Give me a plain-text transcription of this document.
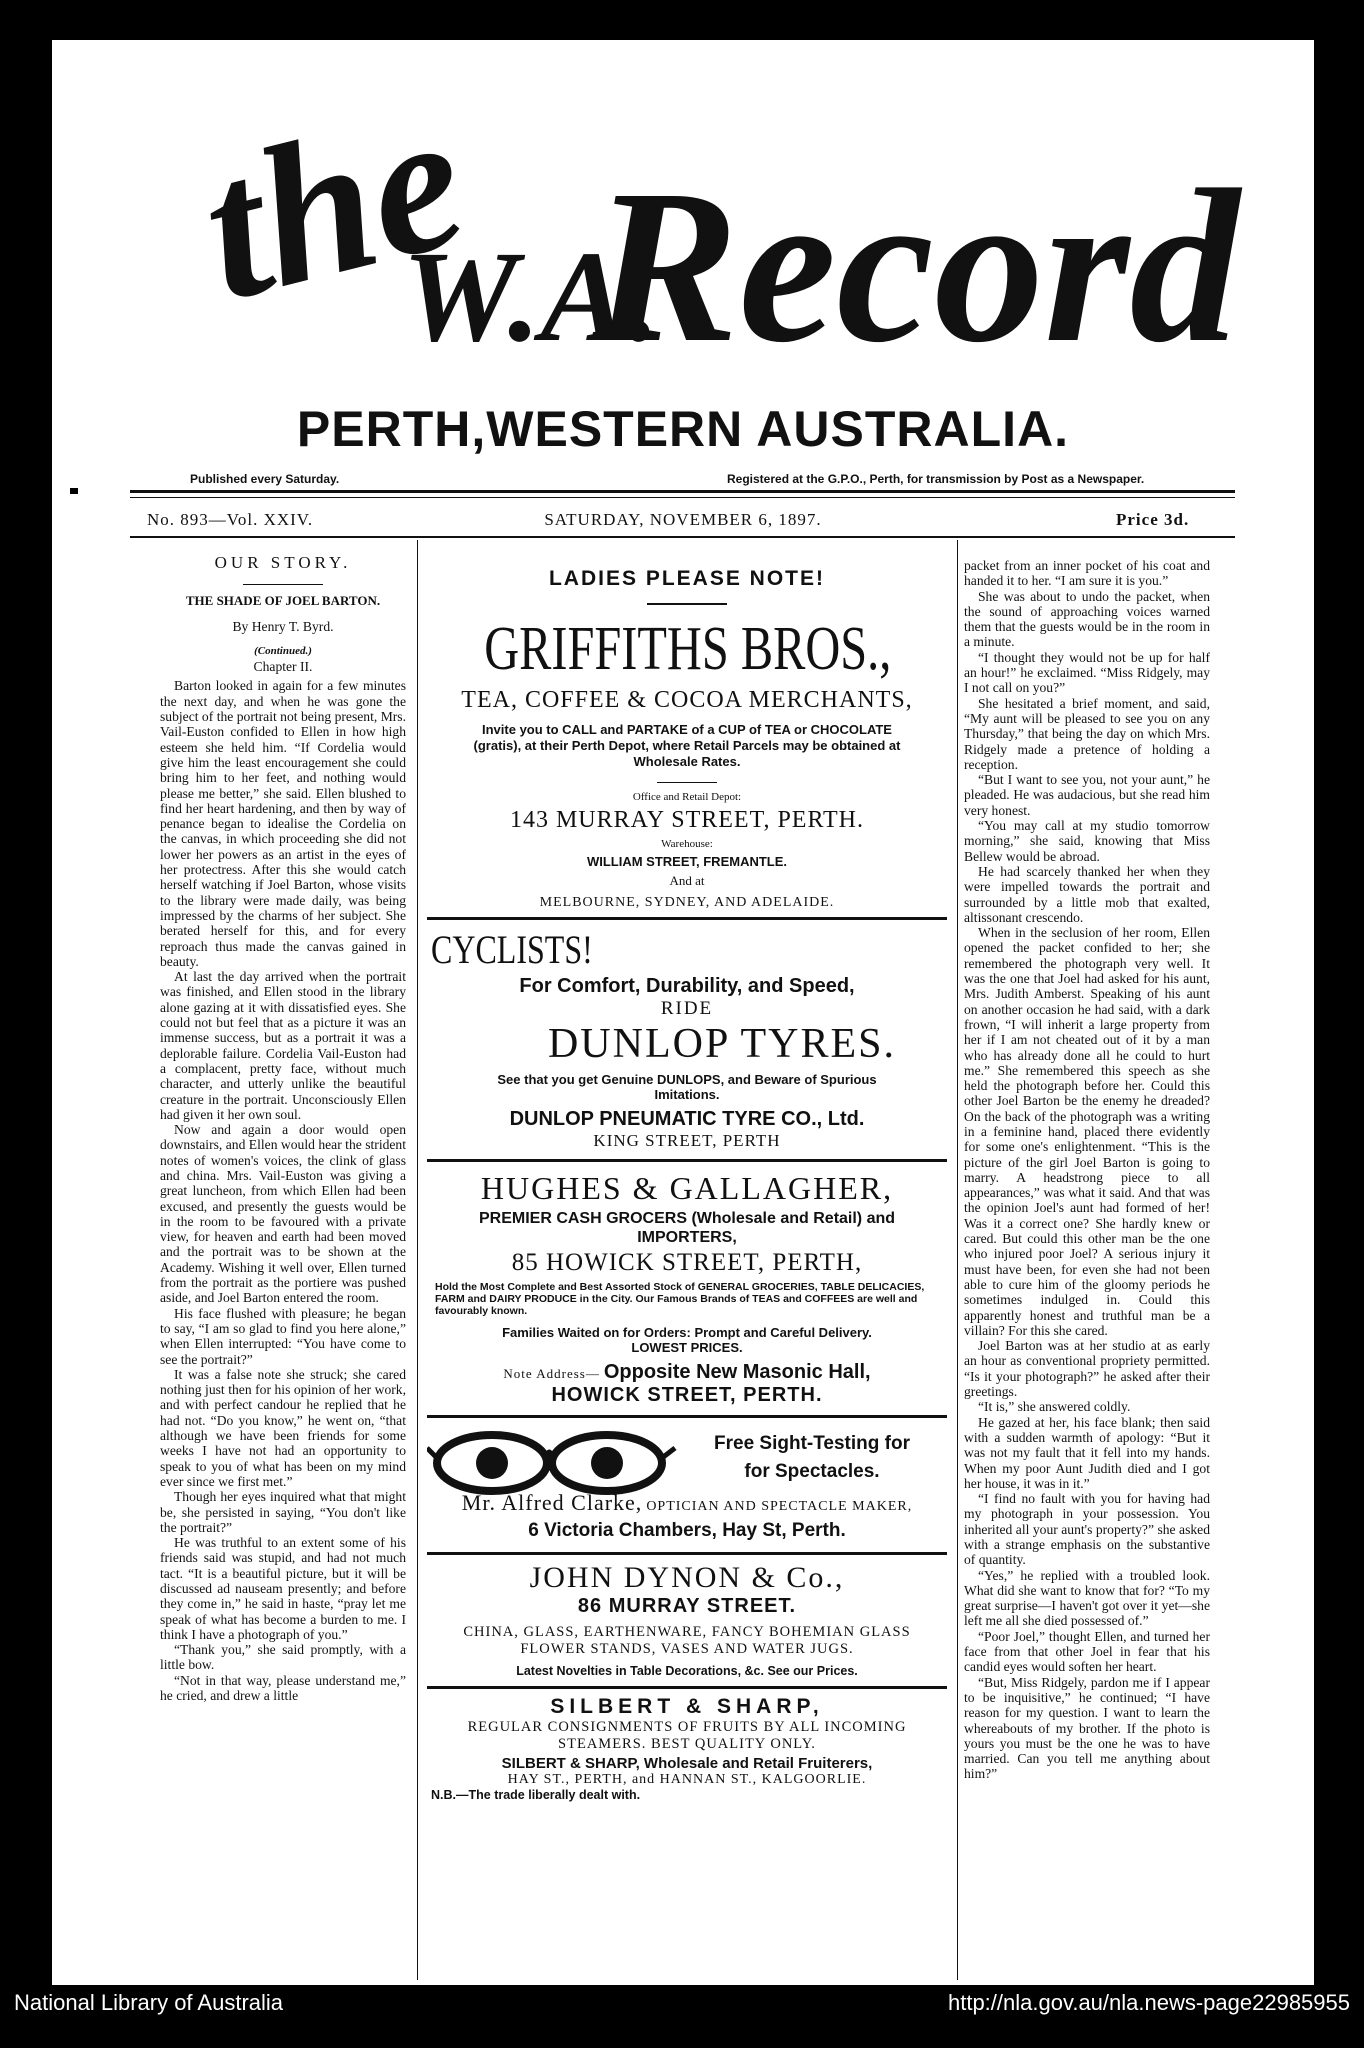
the
W.A.
Record
PERTH,WESTERN AUSTRALIA.
Published every Saturday.	Registered at the G.P.O., Perth, for transmission by Post as a Newspaper.
No. 893—Vol. XXIV.	SATURDAY, NOVEMBER 6, 1897.	Price 3d.
OUR STORY.
THE SHADE OF JOEL BARTON.
By Henry T. Byrd.
(Continued.)
Chapter II.

Barton looked in again for a few minutes the next day, and when he was gone the subject of the portrait not being present, Mrs. Vail-Euston confided to Ellen in how high esteem she held him. “If Cordelia would give him the least encouragement she could bring him to her feet, and nothing would please me better,” she said. Ellen blushed to find her heart hardening, and then by way of penance began to idealise the Cordelia on the canvas, in which proceeding she did not lower her powers as an artist in the eyes of her protectress. After this she would catch herself watching if Joel Barton, whose visits to the library were made daily, was being impressed by the charms of her subject. She berated herself for this, and for every reproach thus made the canvas gained in beauty.

At last the day arrived when the portrait was finished, and Ellen stood in the library alone gazing at it with dissatisfied eyes. She could not but feel that as a picture it was an immense success, but as a portrait it was a deplorable failure. Cordelia Vail-Euston had a complacent, pretty face, without much character, and utterly unlike the beautiful creature in the portrait. Unconsciously Ellen had given it her own soul.

Now and again a door would open downstairs, and Ellen would hear the strident notes of women's voices, the clink of glass and china. Mrs. Vail-Euston was giving a great luncheon, from which Ellen had been excused, and presently the guests would be in the room to be favoured with a private view, for heaven and earth had been moved and the portrait was to be shown at the Academy. Wishing it well over, Ellen turned from the portrait as the portiere was pushed aside, and Joel Barton entered the room.

His face flushed with pleasure; he began to say, “I am so glad to find you here alone,” when Ellen interrupted: “You have come to see the portrait?”

It was a false note she struck; she cared nothing just then for his opinion of her work, and with perfect candour he replied that he had not. “Do you know,” he went on, “that although we have been friends for some weeks I have not had an opportunity to speak to you of what has been on my mind ever since we first met.”

Though her eyes inquired what that might be, she persisted in saying, “You don't like the portrait?”

He was truthful to an extent some of his friends said was stupid, and had not much tact. “It is a beautiful picture, but it will be discussed ad nauseam presently; and before they come in,” he said in haste, “pray let me speak of what has become a burden to me. I think I have a photograph of you.”

“Thank you,” she said promptly, with a little bow.

“Not in that way, please understand me,” he cried, and drew a little

packet from an inner pocket of his coat and handed it to her. “I am sure it is you.”

She was about to undo the packet, when the sound of approaching voices warned them that the guests would be in the room in a minute.

“I thought they would not be up for half an hour!” he exclaimed. “Miss Ridgely, may I not call on you?”

She hesitated a brief moment, and said, “My aunt will be pleased to see you on any Thursday,” that being the day on which Mrs. Ridgely made a pretence of holding a reception.

“But I want to see you, not your aunt,” he pleaded. He was audacious, but she read him very honest.

“You may call at my studio tomorrow morning,” she said, knowing that Miss Bellew would be abroad.

He had scarcely thanked her when they were impelled towards the portrait and surrounded by a little mob that exalted, altissonant crescendo.

When in the seclusion of her room, Ellen opened the packet confided to her; she remembered the photograph very well. It was the one that Joel had asked for his aunt, Mrs. Judith Amberst. Speaking of his aunt on another occasion he had said, with a dark frown, “I will inherit a large property from her if I am not cheated out of it by a man who has already done all he could to hurt me.” She remembered this speech as she held the photograph before her. Could this other Joel Barton be the enemy he dreaded? On the back of the photograph was a writing in a feminine hand, placed there evidently for some one's enlightenment. “This is the picture of the girl Joel Barton is going to marry. A headstrong piece to all appearances,” was what it said. And that was the opinion Joel's aunt had formed of her! Was it a correct one? She hardly knew or cared. But could this other man be the one who injured poor Joel? A serious injury it must have been, for even she had not been able to cure him of the gloomy periods he sometimes indulged in. Could this apparently honest and truthful man be a villain? For this she cared.

Joel Barton was at her studio at as early an hour as conventional propriety permitted. “Is it your photograph?” he asked after their greetings.

“It is,” she answered coldly.

He gazed at her, his face blank; then said with a sudden warmth of apology: “But it was not my fault that it fell into my hands. When my poor Aunt Judith died and I got her house, it was in it.”

“I find no fault with you for having had my photograph in your possession. You inherited all your aunt's property?” she asked with a strange emphasis on the substantive of quantity.

“Yes,” he replied with a troubled look. What did she want to know that for? “To my great surprise—I haven't got over it yet—she left me all she died possessed of.”

“Poor Joel,” thought Ellen, and turned her face from that other Joel in fear that his candid eyes would soften her heart.

“But, Miss Ridgely, pardon me if I appear to be inquisitive,” he continued; “I have reason for my question. I want to learn the whereabouts of my brother. If the photo is yours you must be the one he was to have married. Can you tell me anything about him?”

LADIES PLEASE NOTE!
GRIFFITHS BROS.,
TEA, COFFEE & COCOA MERCHANTS,
Invite you to CALL and PARTAKE of a CUP of TEA or CHOCOLATE (gratis), at their Perth Depot, where Retail Parcels may be obtained at Wholesale Rates.
Office and Retail Depot:
143 MURRAY STREET, PERTH.
Warehouse:
WILLIAM STREET, FREMANTLE.
And at
MELBOURNE, SYDNEY, AND ADELAIDE.
CYCLISTS!
For Comfort, Durability, and Speed,
RIDE
DUNLOP TYRES.
See that you get Genuine DUNLOPS, and Beware of Spurious Imitations.
DUNLOP PNEUMATIC TYRE CO., Ltd.
KING STREET, PERTH
HUGHES & GALLAGHER,
PREMIER CASH GROCERS (Wholesale and Retail) and IMPORTERS,
85 HOWICK STREET, PERTH,
Hold the Most Complete and Best Assorted Stock of GENERAL GROCERIES, TABLE DELICACIES, FARM and DAIRY PRODUCE in the City. Our Famous Brands of TEAS and COFFEES are well and favourably known.
Families Waited on for Orders: Prompt and Careful Delivery.
LOWEST PRICES.
Note Address— Opposite New Masonic Hall,
HOWICK STREET, PERTH.
Free Sight-Testing for
for Spectacles.
Mr. Alfred Clarke, OPTICIAN AND SPECTACLE MAKER,
6 Victoria Chambers, Hay St, Perth.
JOHN DYNON & Co.,
86 MURRAY STREET.
CHINA, GLASS, EARTHENWARE, FANCY BOHEMIAN GLASS FLOWER STANDS, VASES AND WATER JUGS.
Latest Novelties in Table Decorations, &c. See our Prices.
SILBERT & SHARP,
REGULAR CONSIGNMENTS OF FRUITS BY ALL INCOMING STEAMERS. BEST QUALITY ONLY.
SILBERT & SHARP, Wholesale and Retail Fruiterers,
HAY ST., PERTH, and HANNAN ST., KALGOORLIE.
N.B.—The trade liberally dealt with.
National Library of Australia	http://nla.gov.au/nla.news-page22985955
